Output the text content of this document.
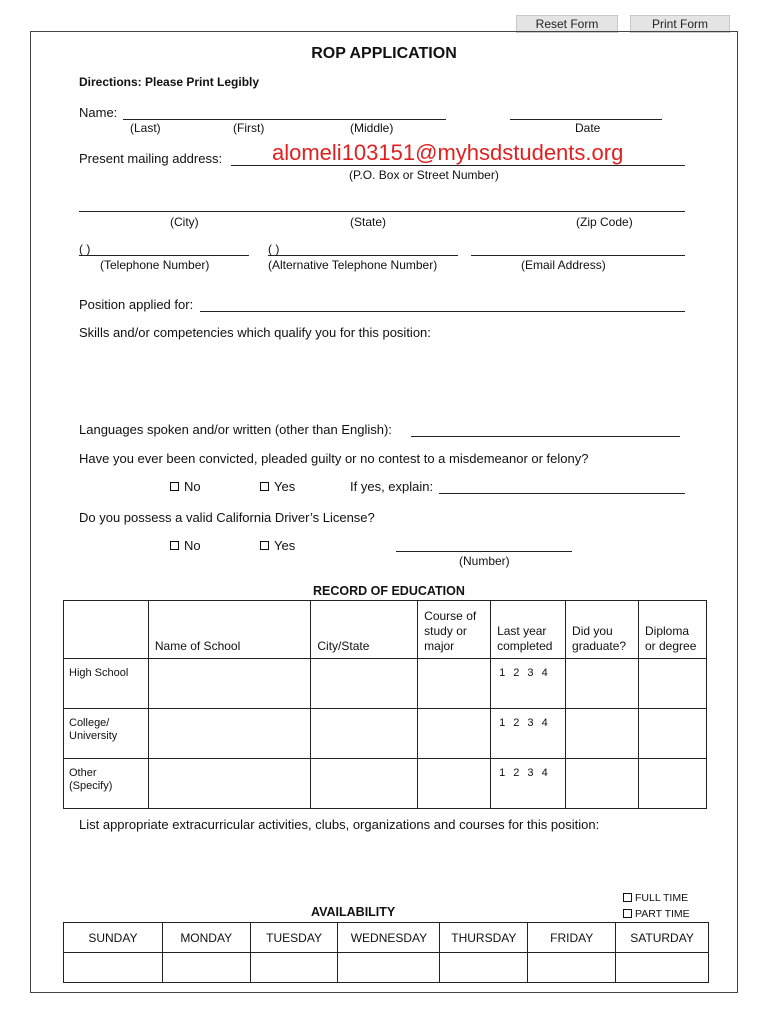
Reset Form	Print Form
ROP APPLICATION
Directions: Please Print Legibly
Name:
(Last)	(First)	(Middle)	Date
Present mailing address: alomeli103151@myhsdstudents.org
(P.O. Box or Street Number)
(City)	(State)	(Zip Code)
( )	( )
(Telephone Number)	(Alternative Telephone Number)	(Email Address)
Position applied for:
Skills and/or competencies which qualify you for this position:
Languages spoken and/or written (other than English):
Have you ever been convicted, pleaded guilty or no contest to a misdemeanor or felony?
No	Yes	If yes, explain:
Do you possess a valid California Driver’s License?
No	Yes
(Number)
RECORD OF EDUCATION
	Name of School	City/State	Course of study or major	Last year completed	Did you graduate?	Diploma or degree
High School				1 2 3 4		
College/ University				1 2 3 4		
Other (Specify)				1 2 3 4		
List appropriate extracurricular activities, clubs, organizations and courses for this position:
FULL TIME
PART TIME
AVAILABILITY
SUNDAY	MONDAY	TUESDAY	WEDNESDAY	THURSDAY	FRIDAY	SATURDAY
